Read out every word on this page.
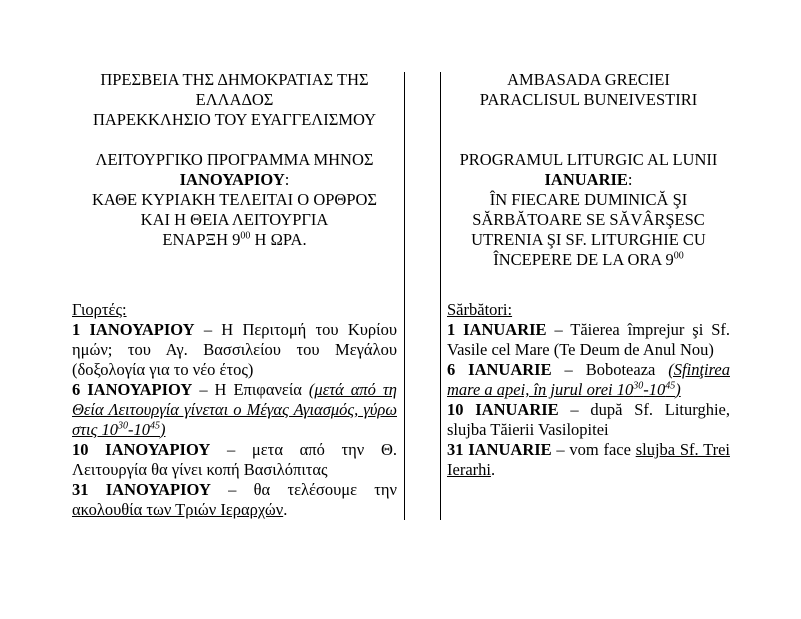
ΠΡΕΣΒΕΙΑ ΤΗΣ ΔΗΜΟΚΡΑΤΙΑΣ ΤΗΣ
ΕΛΛΑΔΟΣ
ΠΑΡΕΚΚΛΗΣΙΟ ΤΟΥ ΕΥΑΓΓΕΛΙΣΜΟΥ
ΛΕΙΤΟΥΡΓΙΚΟ ΠΡΟΓΡΑΜΜΑ ΜΗΝΟΣ
ΙΑΝΟΥΑΡΙΟΥ:
ΚΑΘΕ ΚΥΡΙΑΚΗ ΤΕΛΕΙΤΑΙ Ο ΟΡΘΡΟΣ
ΚΑΙ Η ΘΕΙΑ ΛΕΙΤΟΥΡΓΙΑ
ΕΝΑΡΞΗ $9^{00}$ Η ΩΡΑ.

Γιορτές:

1 ΙΑΝΟΥΑΡΙΟΥ – Η Περιτομή του Κυρίου ημών; του Αγ. Βασσιλείου του Μεγάλου (δοξολογία για το νέο έτος)

6 ΙΑΝΟΥΑΡΙΟΥ – Η Επιφανεία (μετά από τη Θεία Λειτουργία γίνεται ο Μέγας Αγιασμός, γύρω στις $10^{30}-10^{45}$)

10 ΙΑΝΟΥΑΡΙΟΥ – μετα από την Θ. Λειτουργία θα γίνει κοπή Βασιλόπιτας

31 ΙΑΝΟΥΑΡΙΟΥ – θα τελέσουμε την ακολουθία των Τριών Ιεραρχών.

AMBASADA GRECIEI
PARACLISUL BUNEIVESTIRI
PROGRAMUL LITURGIC AL LUNII
IANUARIE:
ÎN FIECARE DUMINICĂ ŞI
SĂRBĂTOARE SE SĂVÂRŞESC
UTRENIA ŞI SF. LITURGHIE CU
ÎNCEPERE DE LA ORA $9^{00}$

Sărbători:

1 IANUARIE – Tăierea împrejur şi Sf. Vasile cel Mare (Te Deum de Anul Nou)

6 IANUARIE – Boboteaza (Sfinţirea mare a apei, în jurul orei $10^{30}-10^{45}$)

10 IANUARIE – după Sf. Liturghie, slujba Tăierii Vasilopitei

31 IANUARIE – vom face slujba Sf. Trei Ierarhi.
